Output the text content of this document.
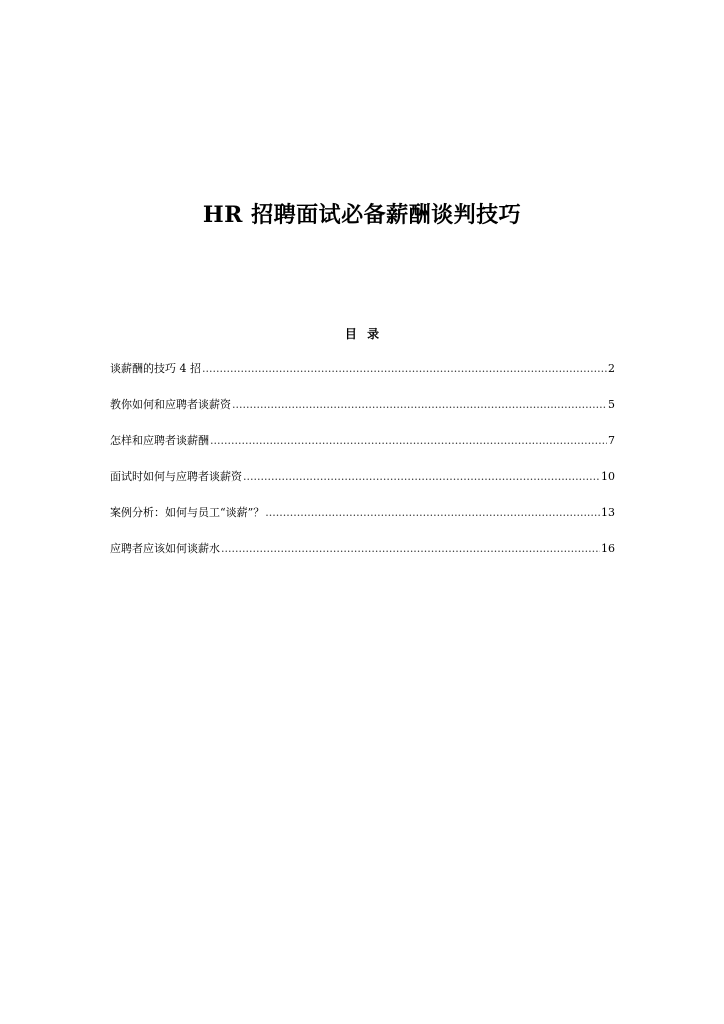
HR 招聘面试必备薪酬谈判技巧
目 录
谈薪酬的技巧 4 招 .....	2
教你如何和应聘者谈薪资 .....	5
怎样和应聘者谈薪酬 .....	7
面试时如何与应聘者谈薪资 .....	10
案例分析：如何与员工“谈薪”？ .....	13
应聘者应该如何谈薪水 .....	16
